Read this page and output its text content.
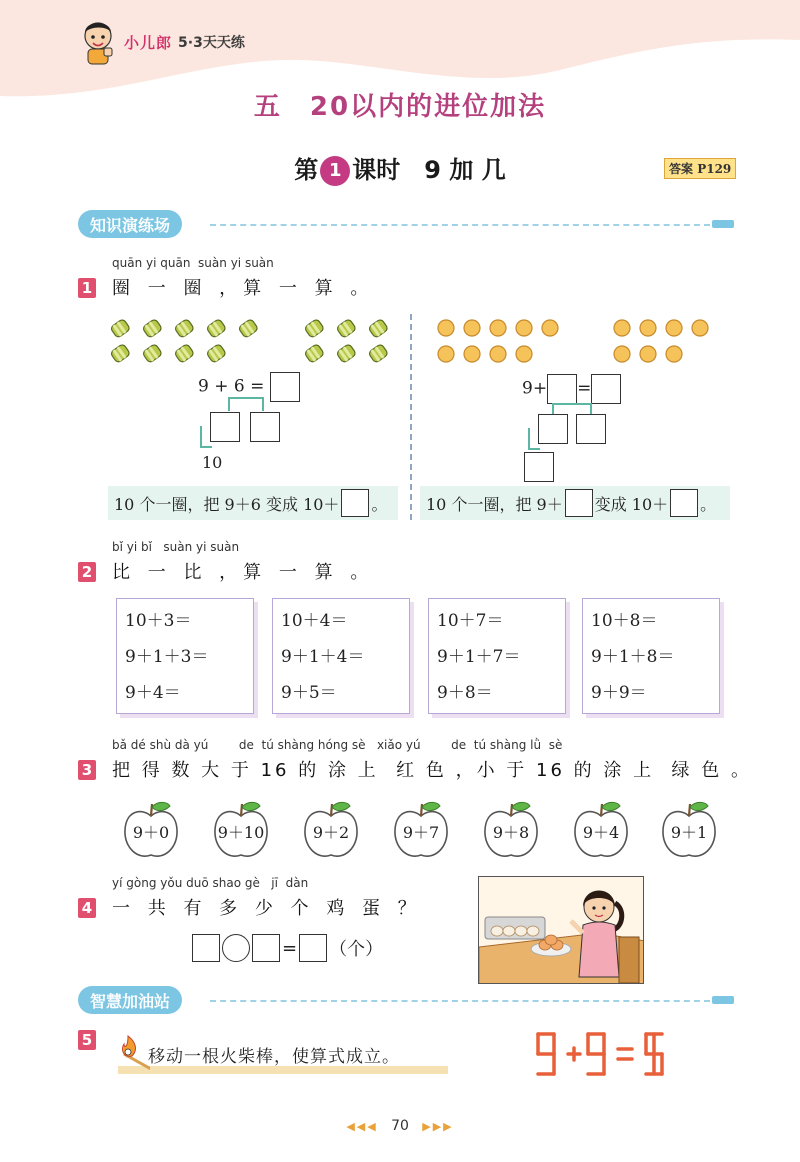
小儿郎 5·3天天练
五　20以内的进位加法
第 1 课时　9 加 几	答案 P129
知识演练场
quān yi quān  suàn yi suàn
1 圈 一 圈 ，算 一 算 。
9 + 6 =
10
9+ =
10 个一圈，把 9＋6 变成 10＋ 。 10 个一圈，把 9＋ 变成 10＋ 。
bǐ yi bǐ   suàn yi suàn
2 比 一 比 ，算 一 算 。
10＋3＝
9＋1＋3＝
9＋4＝
10＋4＝
9＋1＋4＝
9＋5＝
10＋7＝
9＋1＋7＝
9＋8＝
10＋8＝
9＋1＋8＝
9＋9＝
bǎ dé shù dà yú        de  tú shàng hóng sè   xiǎo yú        de  tú shàng lǜ  sè
3 把 得 数 大 于 16 的 涂 上  红 色 ，小 于 16 的 涂 上  绿 色 。
9＋0	9＋10	9＋2	9＋7	9＋8	9＋4	9＋1
yí gòng yǒu duō shao gè   jī  dàn
4 一 共 有 多 少 个 鸡 蛋 ？
= （个）
智慧加油站
5
移动一根火柴棒，使算式成立。
◀◀◀ 70 ▶▶▶
